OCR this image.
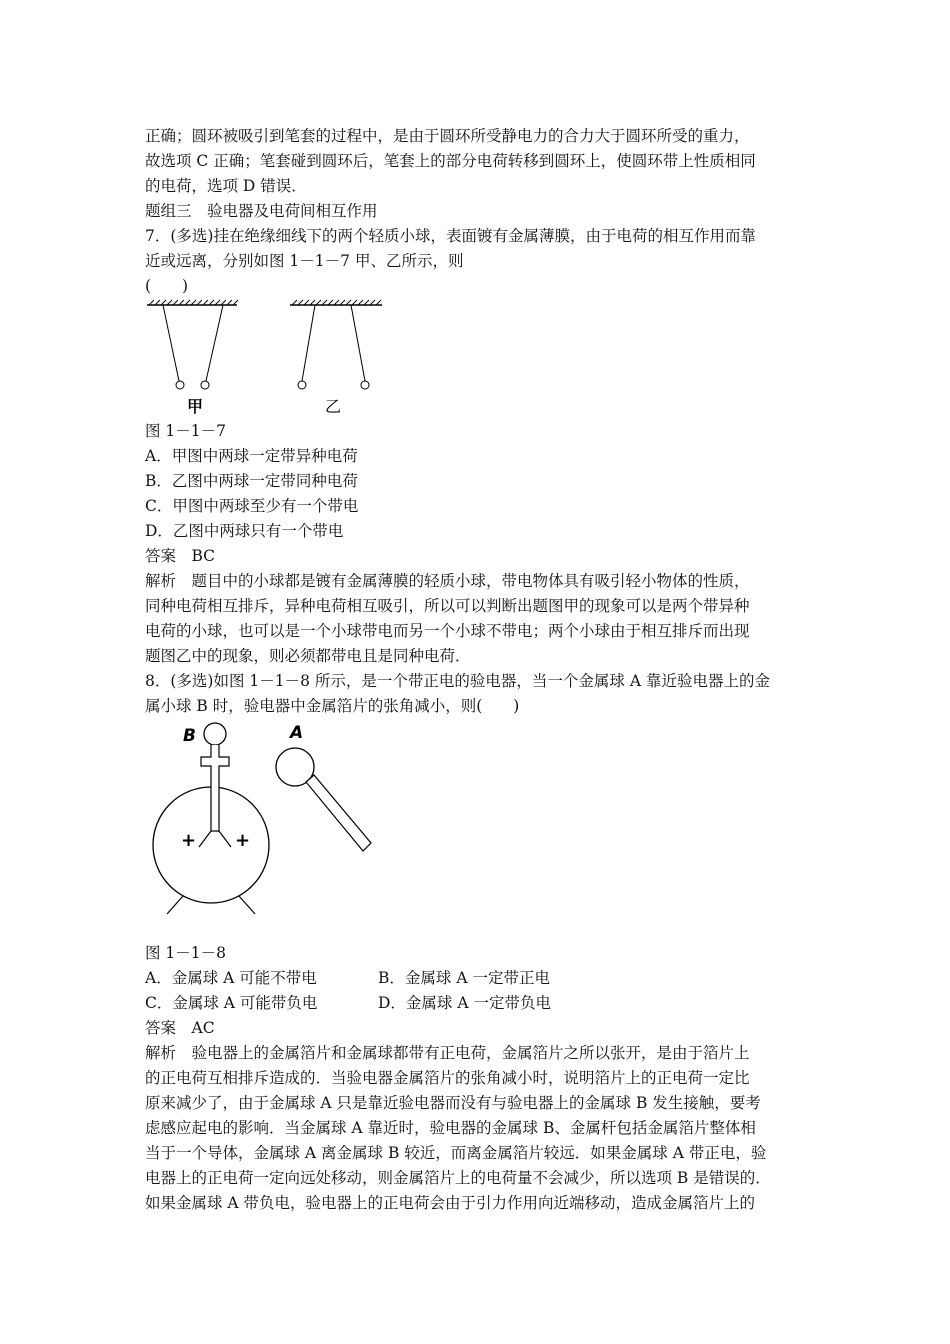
正确；圆环被吸引到笔套的过程中，是由于圆环所受静电力的合力大于圆环所受的重力，
故选项 C 正确；笔套碰到圆环后，笔套上的部分电荷转移到圆环上，使圆环带上性质相同
的电荷，选项 D 错误．
题组三　验电器及电荷间相互作用
7．(多选)挂在绝缘细线下的两个轻质小球，表面镀有金属薄膜，由于电荷的相互作用而靠
近或远离，分别如图 1－1－7 甲、乙所示，则
(　　)
甲	乙
图 1－1－7
A．甲图中两球一定带异种电荷
B．乙图中两球一定带同种电荷
C．甲图中两球至少有一个带电
D．乙图中两球只有一个带电
答案　BC
解析　题目中的小球都是镀有金属薄膜的轻质小球，带电物体具有吸引轻小物体的性质，
同种电荷相互排斥，异种电荷相互吸引，所以可以判断出题图甲的现象可以是两个带异种
电荷的小球，也可以是一个小球带电而另一个小球不带电；两个小球由于相互排斥而出现
题图乙中的现象，则必须都带电且是同种电荷．
8．(多选)如图 1－1－8 所示，是一个带正电的验电器，当一个金属球 A 靠近验电器上的金
属小球 B 时，验电器中金属箔片的张角减小，则(　　)
+ +
B	A
图 1－1－8
A．金属球 A 可能不带电	B．金属球 A 一定带正电
C．金属球 A 可能带负电	D．金属球 A 一定带负电
答案　AC
解析　验电器上的金属箔片和金属球都带有正电荷，金属箔片之所以张开，是由于箔片上
的正电荷互相排斥造成的．当验电器金属箔片的张角减小时，说明箔片上的正电荷一定比
原来减少了，由于金属球 A 只是靠近验电器而没有与验电器上的金属球 B 发生接触，要考
虑感应起电的影响．当金属球 A 靠近时，验电器的金属球 B、金属杆包括金属箔片整体相
当于一个导体，金属球 A 离金属球 B 较近，而离金属箔片较远．如果金属球 A 带正电，验
电器上的正电荷一定向远处移动，则金属箔片上的电荷量不会减少，所以选项 B 是错误的．
如果金属球 A 带负电，验电器上的正电荷会由于引力作用向近端移动，造成金属箔片上的
